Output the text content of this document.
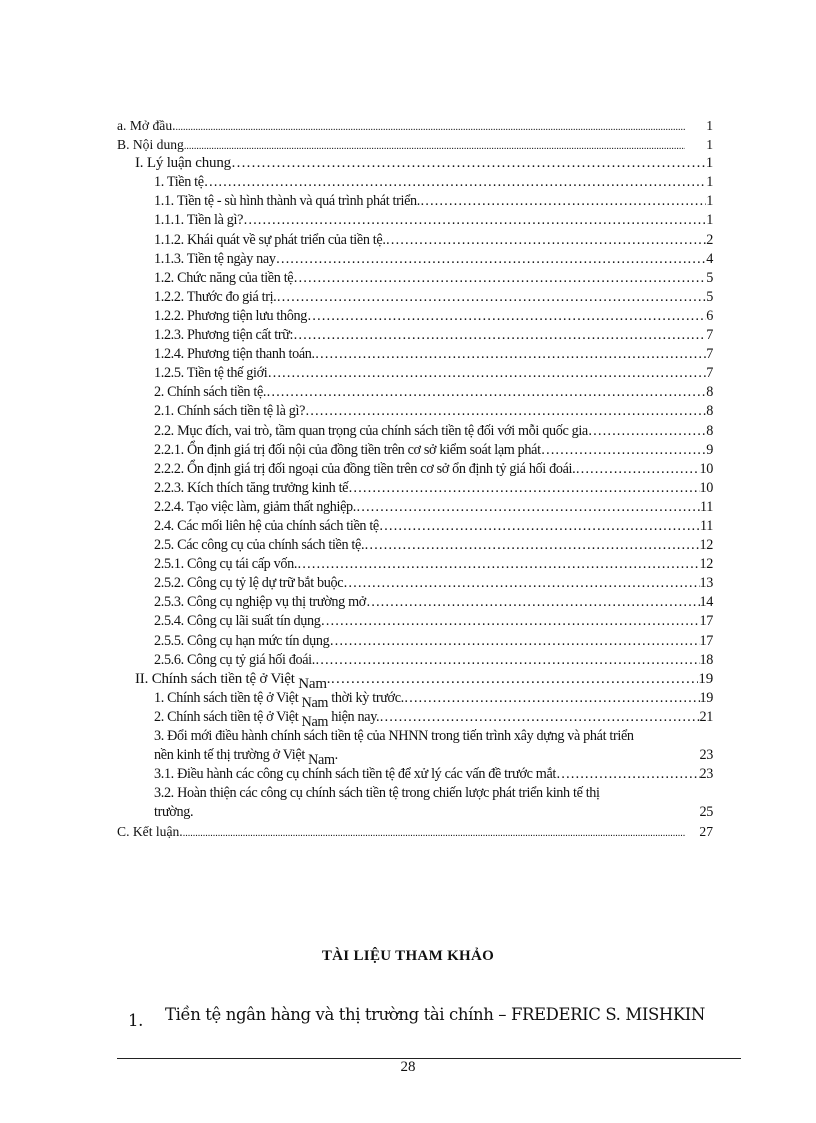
a. Mở đầu. .....	1
B. Nội dung .....	1
I. Lý luận chung ………………………………………………………………………………………………………………………………………………………………………………………………………………………………………………………………………………	1
1. Tiền tệ ………………………………………………………………………………………………………………………………………………………………………………………………………………………………………………………………………………	1
1.1. Tiền tệ - sù hình thành và quá trình phát triển. ………………………………………………………………………………………………………………………………………………………………………………………………………………………………………………………………………………	1
1.1.1. Tiền là gì? ………………………………………………………………………………………………………………………………………………………………………………………………………………………………………………………………………………	1
1.1.2. Khái quát về sự phát triển của tiền tệ. ………………………………………………………………………………………………………………………………………………………………………………………………………………………………………………………………………………	2
1.1.3. Tiền tệ ngày nay ………………………………………………………………………………………………………………………………………………………………………………………………………………………………………………………………………………	4
1.2. Chức năng của tiền tệ ………………………………………………………………………………………………………………………………………………………………………………………………………………………………………………………………………………	5
1.2.2. Thước đo giá trị. ………………………………………………………………………………………………………………………………………………………………………………………………………………………………………………………………………………	5
1.2.2. Phương tiện lưu thông ………………………………………………………………………………………………………………………………………………………………………………………………………………………………………………………………………………	6
1.2.3. Phương tiện cất trữ: ………………………………………………………………………………………………………………………………………………………………………………………………………………………………………………………………………………	7
1.2.4. Phương tiện thanh toán. ………………………………………………………………………………………………………………………………………………………………………………………………………………………………………………………………………………	7
1.2.5. Tiền tệ thế giới ………………………………………………………………………………………………………………………………………………………………………………………………………………………………………………………………………………	7
2. Chính sách tiền tệ. ………………………………………………………………………………………………………………………………………………………………………………………………………………………………………………………………………………	8
2.1. Chính sách tiền tệ là gì? ………………………………………………………………………………………………………………………………………………………………………………………………………………………………………………………………………………	8
2.2. Mục đích, vai trò, tầm quan trọng của chính sách tiền tệ đối với mỗi quốc gia ………………………………………………………………………………………………………………………………………………………………………………………………………………………………………………………………………………	8
2.2.1. Ổn định giá trị đối nội của đồng tiền trên cơ sở kiểm soát lạm phát ………………………………………………………………………………………………………………………………………………………………………………………………………………………………………………………………………………	9
2.2.2. Ổn định giá trị đối ngoại của đồng tiền trên cơ sở ổn định tỷ giá hối đoái. ………………………………………………………………………………………………………………………………………………………………………………………………………………………………………………………………………………	10
2.2.3. Kích thích tăng trưởng kinh tế ………………………………………………………………………………………………………………………………………………………………………………………………………………………………………………………………………………	10
2.2.4. Tạo việc làm, giảm thất nghiệp. ………………………………………………………………………………………………………………………………………………………………………………………………………………………………………………………………………………	11
2.4. Các mối liên hệ của chính sách tiền tệ ………………………………………………………………………………………………………………………………………………………………………………………………………………………………………………………………………………	11
2.5. Các công cụ của chính sách tiền tệ. ………………………………………………………………………………………………………………………………………………………………………………………………………………………………………………………………………………	12
2.5.1. Công cụ tái cấp vốn. ………………………………………………………………………………………………………………………………………………………………………………………………………………………………………………………………………………	12
2.5.2. Công cụ tỷ lệ dự trữ bắt buộc ………………………………………………………………………………………………………………………………………………………………………………………………………………………………………………………………………………	13
2.5.3. Công cụ nghiệp vụ thị trường mở ………………………………………………………………………………………………………………………………………………………………………………………………………………………………………………………………………………	14
2.5.4. Công cụ lãi suất tín dụng ………………………………………………………………………………………………………………………………………………………………………………………………………………………………………………………………………………	17
2.5.5. Công cụ hạn mức tín dụng ………………………………………………………………………………………………………………………………………………………………………………………………………………………………………………………………………………	17
2.5.6. Công cụ tỷ giá hối đoái. ………………………………………………………………………………………………………………………………………………………………………………………………………………………………………………………………………………	18
II. Chính sách tiền tệ ở Việt Nam. ………………………………………………………………………………………………………………………………………………………………………………………………………………………………………………………………………………	19
1. Chính sách tiền tệ ở Việt Nam thời kỳ trước. ………………………………………………………………………………………………………………………………………………………………………………………………………………………………………………………………………………	19
2. Chính sách tiền tệ ở Việt Nam hiện nay. ………………………………………………………………………………………………………………………………………………………………………………………………………………………………………………………………………………	21
3. Đổi mới điều hành chính sách tiền tệ của NHNN trong tiến trình xây dựng và phát triển
nền kinh tế thị trường ở Việt Nam.	23
3.1. Điều hành các công cụ chính sách tiền tệ để xử lý các vấn đề trước mắt ………………………………………………………………………………………………………………………………………………………………………………………………………………………………………………………………………………	23
3.2. Hoàn thiện các công cụ chính sách tiền tệ trong chiến lược phát triển kinh tế thị
trường.	25
C. Kết luận. .....	27
TÀI LIỆU THAM KHẢO
1. Tiền tệ ngân hàng và thị trường tài chính – FREDERIC S. MISHKIN
28
